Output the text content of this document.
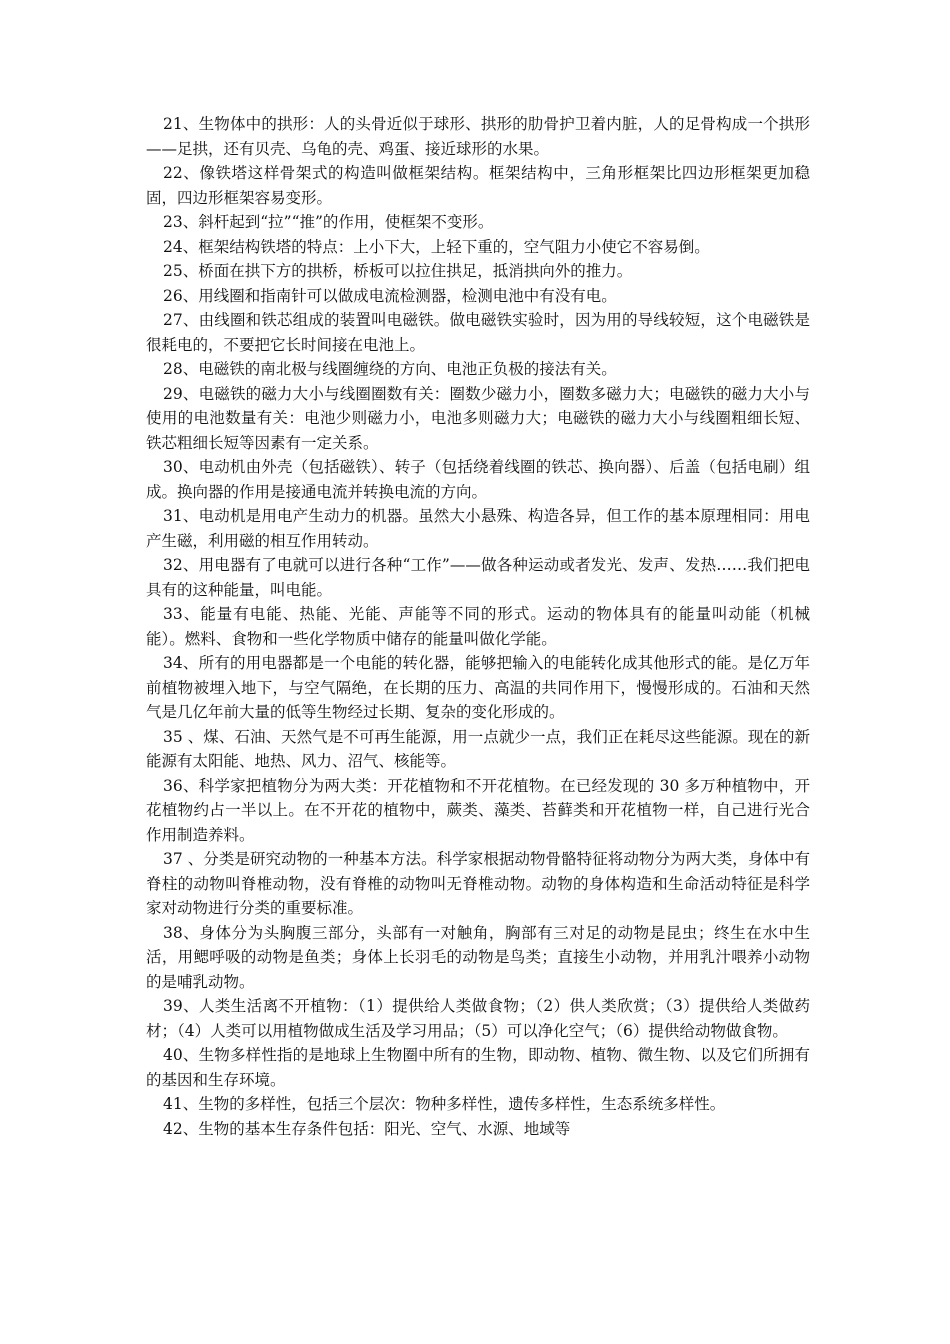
21、生物体中的拱形：人的头骨近似于球形、拱形的肋骨护卫着内脏，人的足骨构成一个拱形——足拱，还有贝壳、乌龟的壳、鸡蛋、接近球形的水果。

22、像铁塔这样骨架式的构造叫做框架结构。框架结构中，三角形框架比四边形框架更加稳固，四边形框架容易变形。

23、斜杆起到“拉”“推”的作用，使框架不变形。

24、框架结构铁塔的特点：上小下大，上轻下重的，空气阻力小使它不容易倒。

25、桥面在拱下方的拱桥，桥板可以拉住拱足，抵消拱向外的推力。

26、用线圈和指南针可以做成电流检测器，检测电池中有没有电。

27、由线圈和铁芯组成的装置叫电磁铁。做电磁铁实验时，因为用的导线较短，这个电磁铁是很耗电的，不要把它长时间接在电池上。

28、电磁铁的南北极与线圈缠绕的方向、电池正负极的接法有关。

29、电磁铁的磁力大小与线圈圈数有关：圈数少磁力小，圈数多磁力大；电磁铁的磁力大小与使用的电池数量有关：电池少则磁力小，电池多则磁力大；电磁铁的磁力大小与线圈粗细长短、铁芯粗细长短等因素有一定关系。

30、电动机由外壳（包括磁铁）、转子（包括绕着线圈的铁芯、换向器）、后盖（包括电刷）组成。换向器的作用是接通电流并转换电流的方向。

31、电动机是用电产生动力的机器。虽然大小悬殊、构造各异，但工作的基本原理相同：用电产生磁，利用磁的相互作用转动。

32、用电器有了电就可以进行各种“工作”——做各种运动或者发光、发声、发热……我们把电具有的这种能量，叫电能。

33、能量有电能、热能、光能、声能等不同的形式。运动的物体具有的能量叫动能（机械能）。燃料、食物和一些化学物质中储存的能量叫做化学能。

34、所有的用电器都是一个电能的转化器，能够把输入的电能转化成其他形式的能。是亿万年前植物被埋入地下，与空气隔绝，在长期的压力、高温的共同作用下，慢慢形成的。石油和天然气是几亿年前大量的低等生物经过长期、复杂的变化形成的。

35 、煤、石油、天然气是不可再生能源，用一点就少一点，我们正在耗尽这些能源。现在的新能源有太阳能、地热、风力、沼气、核能等。

36、科学家把植物分为两大类：开花植物和不开花植物。在已经发现的 30 多万种植物中，开花植物约占一半以上。在不开花的植物中，蕨类、藻类、苔藓类和开花植物一样，自己进行光合作用制造养料。

37 、分类是研究动物的一种基本方法。科学家根据动物骨骼特征将动物分为两大类，身体中有脊柱的动物叫脊椎动物，没有脊椎的动物叫无脊椎动物。动物的身体构造和生命活动特征是科学家对动物进行分类的重要标准。

38、身体分为头胸腹三部分，头部有一对触角，胸部有三对足的动物是昆虫；终生在水中生活，用鳃呼吸的动物是鱼类；身体上长羽毛的动物是鸟类；直接生小动物，并用乳汁喂养小动物的是哺乳动物。

39、人类生活离不开植物：（1）提供给人类做食物；（2）供人类欣赏；（3）提供给人类做药材；（4）人类可以用植物做成生活及学习用品；（5）可以净化空气；（6）提供给动物做食物。

40、生物多样性指的是地球上生物圈中所有的生物，即动物、植物、微生物、以及它们所拥有的基因和生存环境。

41、生物的多样性，包括三个层次：物种多样性，遗传多样性，生态系统多样性。

42、生物的基本生存条件包括：阳光、空气、水源、地域等
